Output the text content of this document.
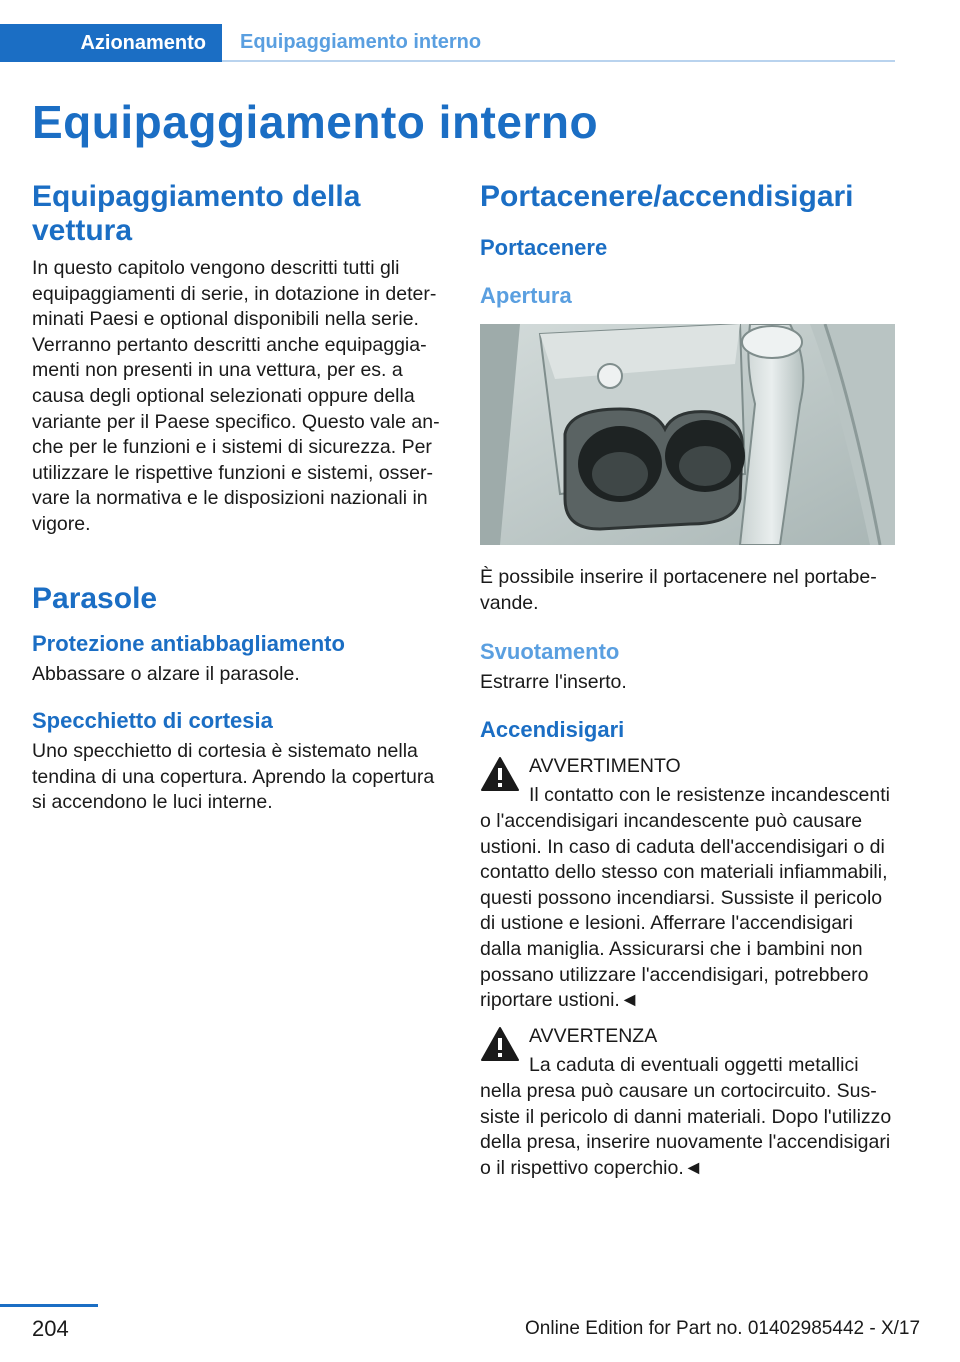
Azionamento	Equipaggiamento interno
Equipaggiamento interno
Equipaggiamento della vettura

In questo capitolo vengono descritti tutti gli equipaggiamenti di serie, in dotazione in determinati Paesi e optional disponibili nella serie. Verranno pertanto descritti anche equipaggiamenti non presenti in una vettura, per es. a causa degli optional selezionati oppure della variante per il Paese specifico. Questo vale anche per le funzioni e i sistemi di sicurezza. Per utilizzare le rispettive funzioni e sistemi, osservare la normativa e le disposizioni nazionali in vigore.

Parasole
Protezione antiabbagliamento

Abbassare o alzare il parasole.

Specchietto di cortesia

Uno specchietto di cortesia è sistemato nella tendina di una copertura. Aprendo la copertura si accendono le luci interne.

Portacenere/accendisigari
Portacenere
Apertura

È possibile inserire il portacenere nel portabevande.

Svuotamento

Estrarre l'inserto.

Accendisigari

AVVERTIMENTO

Il contatto con le resistenze incandescenti o l'accendisigari incandescente può causare ustioni. In caso di caduta dell'accendisigari o di contatto dello stesso con materiali infiammabili, questi possono incendiarsi. Sussiste il pericolo di ustione e lesioni. Afferrare l'accendisigari dalla maniglia. Assicurarsi che i bambini non possano utilizzare l'accendisigari, potrebbero riportare ustioni.◄

AVVERTENZA

La caduta di eventuali oggetti metallici nella presa può causare un cortocircuito. Sussiste il pericolo di danni materiali. Dopo l'utilizzo della presa, inserire nuovamente l'accendisigari o il rispettivo coperchio.◄

204	Online Edition for Part no. 01402985442 - X/17
